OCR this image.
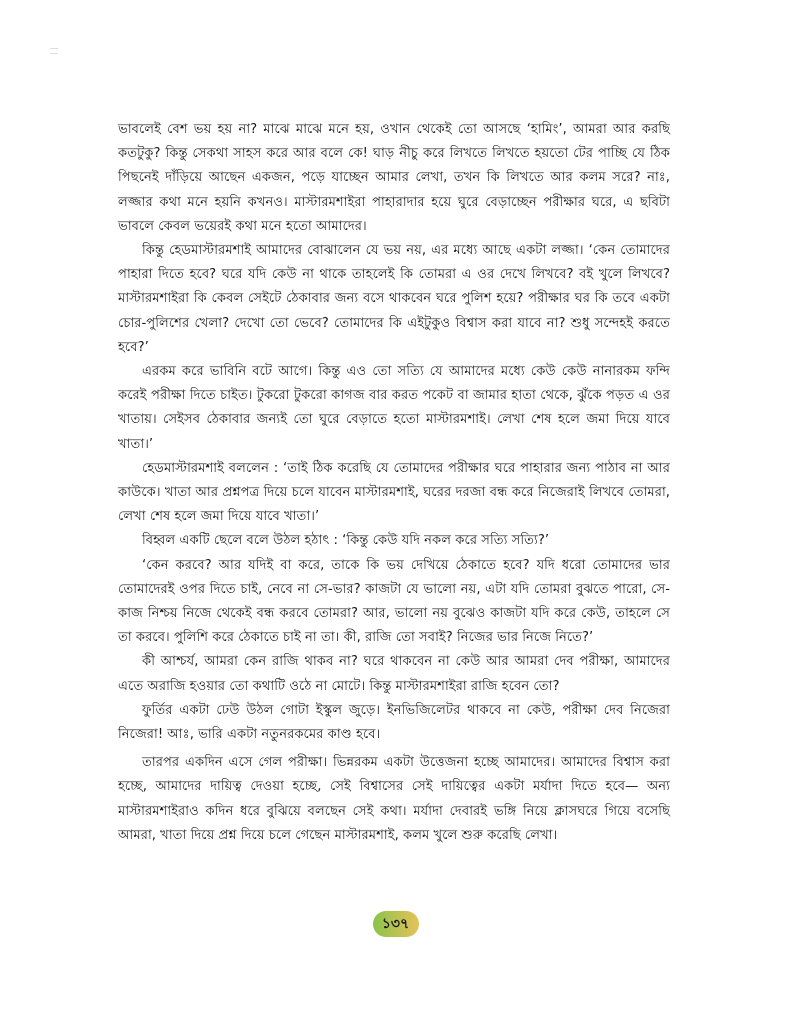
ভাবলেই বেশ ভয় হয় না? মাঝে মাঝে মনে হয়, ওখান থেকেই তো আসছে ‘হামিং’, আমরা আর করছি কতটুকু? কিন্তু সেকথা সাহস করে আর বলে কে! ঘাড় নীচু করে লিখতে লিখতে হয়তো টের পাচ্ছি যে ঠিক পিছনেই দাঁড়িয়ে আছেন একজন, পড়ে যাচ্ছেন আমার লেখা, তখন কি লিখতে আর কলম সরে? নাঃ, লজ্জার কথা মনে হয়নি কখনও। মাস্টারমশাইরা পাহারাদার হয়ে ঘুরে বেড়াচ্ছেন পরীক্ষার ঘরে, এ ছবিটা ভাবলে কেবল ভয়েরই কথা মনে হতো আমাদের।

কিন্তু হেডমাস্টারমশাই আমাদের বোঝালেন যে ভয় নয়, এর মধ্যে আছে একটা লজ্জা। ‘কেন তোমাদের পাহারা দিতে হবে? ঘরে যদি কেউ না থাকে তাহলেই কি তোমরা এ ওর দেখে লিখবে? বই খুলে লিখবে? মাস্টারমশাইরা কি কেবল সেইটে ঠেকাবার জন্য বসে থাকবেন ঘরে পুলিশ হয়ে? পরীক্ষার ঘর কি তবে একটা চোর-পুলিশের খেলা? দেখো তো ভেবে? তোমাদের কি এইটুকুও বিশ্বাস করা যাবে না? শুধু সন্দেহই করতে হবে?’

এরকম করে ভাবিনি বটে আগে। কিন্তু এও তো সত্যি যে আমাদের মধ্যে কেউ কেউ নানারকম ফন্দি করেই পরীক্ষা দিতে চাইত। টুকরো টুকরো কাগজ বার করত পকেট বা জামার হাতা থেকে, ঝুঁকে পড়ত এ ওর খাতায়। সেইসব ঠেকাবার জন্যই তো ঘুরে বেড়াতে হতো মাস্টারমশাই। লেখা শেষ হলে জমা দিয়ে যাবে খাতা।’

হেডমাস্টারমশাই বললেন : ‘তাই ঠিক করেছি যে তোমাদের পরীক্ষার ঘরে পাহারার জন্য পাঠাব না আর কাউকে। খাতা আর প্রশ্নপত্র দিয়ে চলে যাবেন মাস্টারমশাই, ঘরের দরজা বন্ধ করে নিজেরাই লিখবে তোমরা, লেখা শেষ হলে জমা দিয়ে যাবে খাতা।’

বিহ্বল একটি ছেলে বলে উঠল হঠাৎ : ‘কিন্তু কেউ যদি নকল করে সত্যি সত্যি?’

‘কেন করবে? আর যদিই বা করে, তাকে কি ভয় দেখিয়ে ঠেকাতে হবে? যদি ধরো তোমাদের ভার তোমাদেরই ওপর দিতে চাই, নেবে না সে-ভার? কাজটা যে ভালো নয়, এটা যদি তোমরা বুঝতে পারো, সে-কাজ নিশ্চয় নিজে থেকেই বন্ধ করবে তোমরা? আর, ভালো নয় বুঝেও কাজটা যদি করে কেউ, তাহলে সে তা করবে। পুলিশি করে ঠেকাতে চাই না তা। কী, রাজি তো সবাই? নিজের ভার নিজে নিতে?’

কী আশ্চর্য, আমরা কেন রাজি থাকব না? ঘরে থাকবেন না কেউ আর আমরা দেব পরীক্ষা, আমাদের এতে অরাজি হওয়ার তো কথাটি ওঠে না মোটে। কিন্তু মাস্টারমশাইরা রাজি হবেন তো?

ফুর্তির একটা ঢেউ উঠল গোটা ইস্কুল জুড়ে। ইনভিজিলেটর থাকবে না কেউ, পরীক্ষা দেব নিজেরা নিজেরা! আঃ, ভারি একটা নতুনরকমের কাণ্ড হবে।

তারপর একদিন এসে গেল পরীক্ষা। ভিন্নরকম একটা উত্তেজনা হচ্ছে আমাদের। আমাদের বিশ্বাস করা হচ্ছে, আমাদের দায়িত্ব দেওয়া হচ্ছে, সেই বিশ্বাসের সেই দায়িত্বের একটা মর্যাদা দিতে হবে— অন্য মাস্টারমশাইরাও কদিন ধরে বুঝিয়ে বলছেন সেই কথা। মর্যাদা দেবারই ভঙ্গি নিয়ে ক্লাসঘরে গিয়ে বসেছি আমরা, খাতা দিয়ে প্রশ্ন দিয়ে চলে গেছেন মাস্টারমশাই, কলম খুলে শুরু করেছি লেখা।

১৩৭
